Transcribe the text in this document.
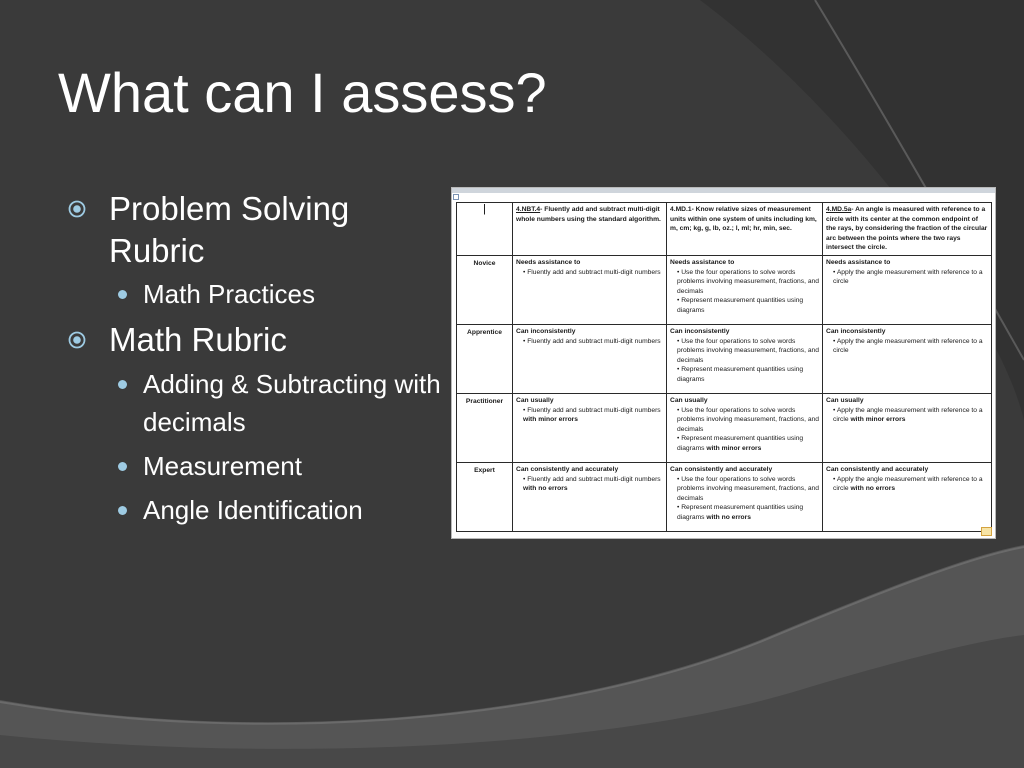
What can I assess?
Problem Solving Rubric
Math Practices
Math Rubric
Adding & Subtracting with decimals
Measurement
Angle Identification
|	4.NBT.4- Fluently add and subtract multi-digit whole numbers using the standard algorithm.	4.MD.1- Know relative sizes of measurement units within one system of units including km, m, cm; kg, g, lb, oz.; l, ml; hr, min, sec.	4.MD.5a- An angle is measured with reference to a circle with its center at the common endpoint of the rays, by considering the fraction of the circular arc between the points where the two rays intersect the circle.
Novice	Needs assistance to
• Fluently add and subtract multi-digit numbers	Needs assistance to
• Use the four operations to solve words problems involving measurement, fractions, and decimals
• Represent measurement quantities using diagrams	Needs assistance to
• Apply the angle measurement with reference to a circle

Apprentice	Can inconsistently
• Fluently add and subtract multi-digit numbers	Can inconsistently
• Use the four operations to solve words problems involving measurement, fractions, and decimals
• Represent measurement quantities using diagrams	Can inconsistently
• Apply the angle measurement with reference to a circle

Practitioner	Can usually
• Fluently add and subtract multi-digit numbers with minor errors	Can usually
• Use the four operations to solve words problems involving measurement, fractions, and decimals
• Represent measurement quantities using diagrams with minor errors	Can usually
• Apply the angle measurement with reference to a circle with minor errors

Expert	Can consistently and accurately
• Fluently add and subtract multi-digit numbers with no errors	Can consistently and accurately
• Use the four operations to solve words problems involving measurement, fractions, and decimals
• Represent measurement quantities using diagrams with no errors	Can consistently and accurately
• Apply the angle measurement with reference to a circle with no errors
